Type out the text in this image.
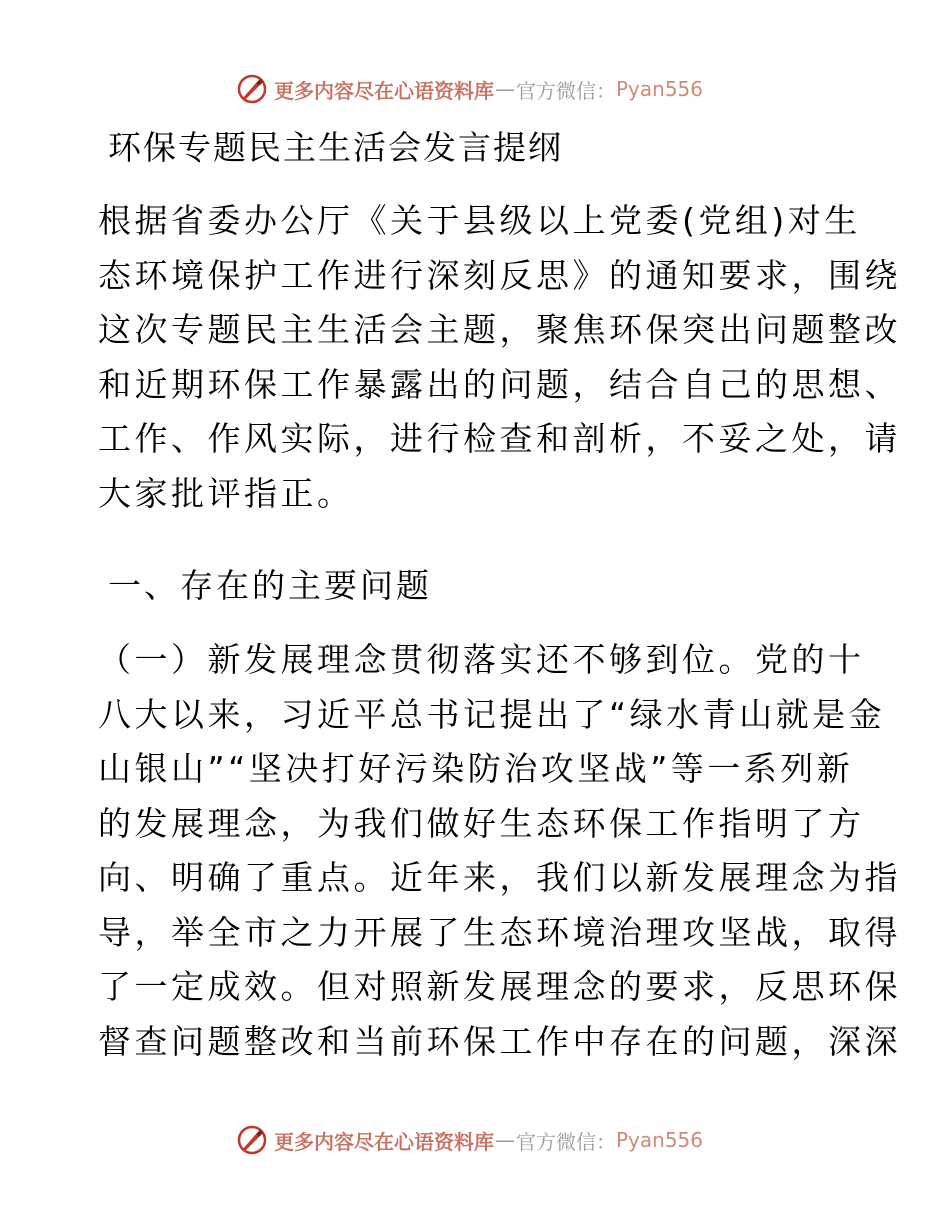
更多内容尽在心语资料库 — 官方微信： Pyan556
环保专题民主生活会发言提纲
根据省委办公厅《关于县级以上党委(党组)对生
态环境保护工作进行深刻反思》的通知要求，围绕
这次专题民主生活会主题，聚焦环保突出问题整改
和近期环保工作暴露出的问题，结合自己的思想、
工作、作风实际，进行检查和剖析，不妥之处，请
大家批评指正。
一、存在的主要问题
（一）新发展理念贯彻落实还不够到位。党的十
八大以来，习近平总书记提出了“绿水青山就是金
山银山”“坚决打好污染防治攻坚战”等一系列新
的发展理念，为我们做好生态环保工作指明了方
向、明确了重点。近年来，我们以新发展理念为指
导，举全市之力开展了生态环境治理攻坚战，取得
了一定成效。但对照新发展理念的要求，反思环保
督查问题整改和当前环保工作中存在的问题，深深
更多内容尽在心语资料库 — 官方微信： Pyan556
